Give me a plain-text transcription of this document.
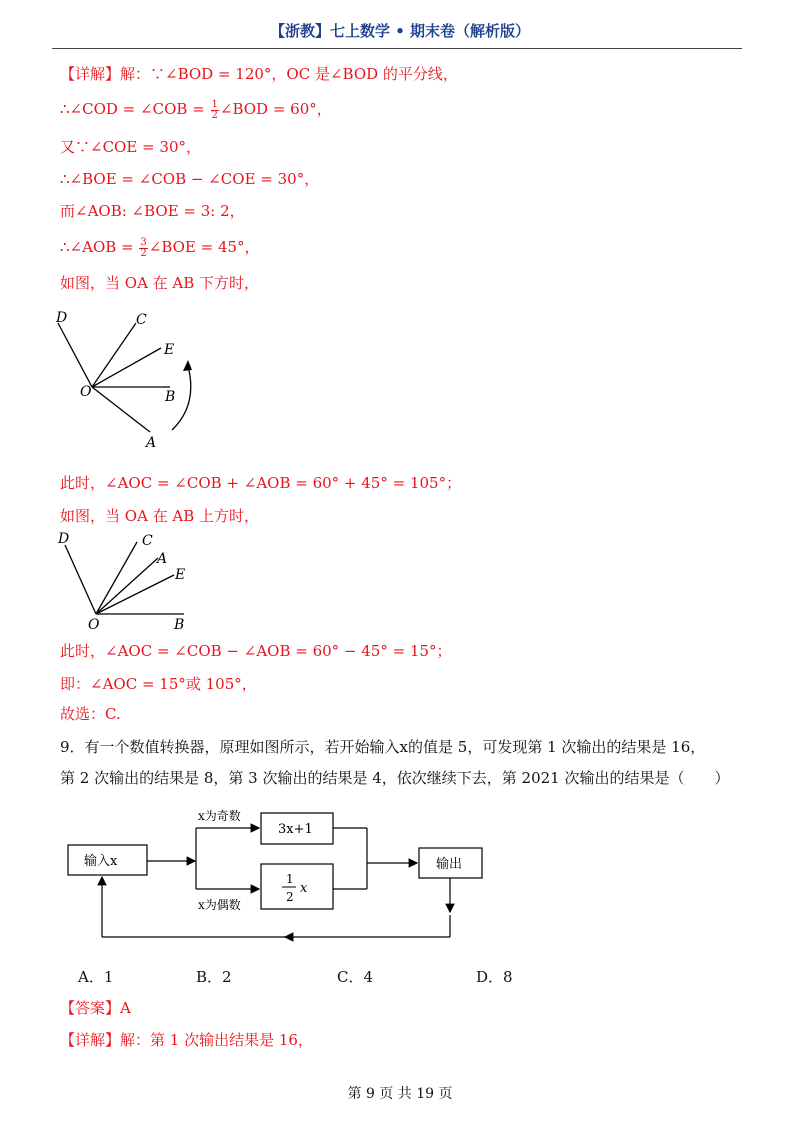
【浙教】七上数学 • 期末卷（解析版）
【详解】解：∵∠BOD = 120°，OC 是∠BOD 的平分线，
∴∠COD = ∠COB = $\frac{1}{2}$ ∠BOD = 60°，
又∵∠COE = 30°，
∴∠BOE = ∠COB − ∠COE = 30°，
而∠AOB: ∠BOE = 3: 2，
∴∠AOB = $\frac{3}{2}$ ∠BOE = 45°，
如图，当 OA 在 AB 下方时，
D	C
E
O	B
A
此时，∠AOC = ∠COB + ∠AOB = 60° + 45° = 105°；
如图，当 OA 在 AB 上方时，
D	C
A
E
O	B
此时，∠AOC = ∠COB − ∠AOB = 60° − 45° = 15°；
即：∠AOC = 15°或 105°，
故选：C.
9．有一个数值转换器，原理如图所示，若开始输入x的值是 5，可发现第 1 次输出的结果是 16，
第 2 次输出的结果是 8，第 3 次输出的结果是 4，依次继续下去，第 2021 次输出的结果是（　　）
输入x
x为奇数
x为偶数
3x+1
1
2
x
输出
A．1	B．2	C．4	D．8
【答案】A
【详解】解：第 1 次输出结果是 16，
第 9 页 共 19 页
